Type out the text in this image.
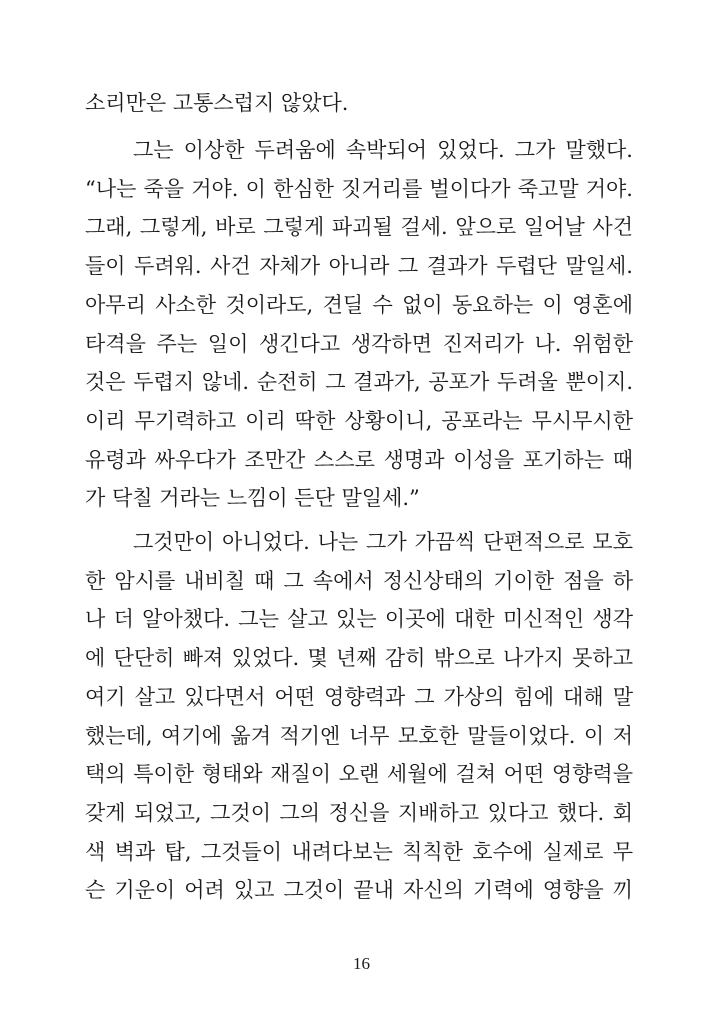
소리만은 고통스럽지 않았다.
그는 이상한 두려움에 속박되어 있었다. 그가 말했다.
“나는 죽을 거야. 이 한심한 짓거리를 벌이다가 죽고말 거야.
그래, 그렇게, 바로 그렇게 파괴될 걸세. 앞으로 일어날 사건
들이 두려워. 사건 자체가 아니라 그 결과가 두렵단 말일세.
아무리 사소한 것이라도, 견딜 수 없이 동요하는 이 영혼에
타격을 주는 일이 생긴다고 생각하면 진저리가 나. 위험한
것은 두렵지 않네. 순전히 그 결과가, 공포가 두려울 뿐이지.
이리 무기력하고 이리 딱한 상황이니, 공포라는 무시무시한
유령과 싸우다가 조만간 스스로 생명과 이성을 포기하는 때
가 닥칠 거라는 느낌이 든단 말일세.”
그것만이 아니었다. 나는 그가 가끔씩 단편적으로 모호
한 암시를 내비칠 때 그 속에서 정신상태의 기이한 점을 하
나 더 알아챘다. 그는 살고 있는 이곳에 대한 미신적인 생각
에 단단히 빠져 있었다. 몇 년째 감히 밖으로 나가지 못하고
여기 살고 있다면서 어떤 영향력과 그 가상의 힘에 대해 말
했는데, 여기에 옮겨 적기엔 너무 모호한 말들이었다. 이 저
택의 특이한 형태와 재질이 오랜 세월에 걸쳐 어떤 영향력을
갖게 되었고, 그것이 그의 정신을 지배하고 있다고 했다. 회
색 벽과 탑, 그것들이 내려다보는 칙칙한 호수에 실제로 무
슨 기운이 어려 있고 그것이 끝내 자신의 기력에 영향을 끼
16
